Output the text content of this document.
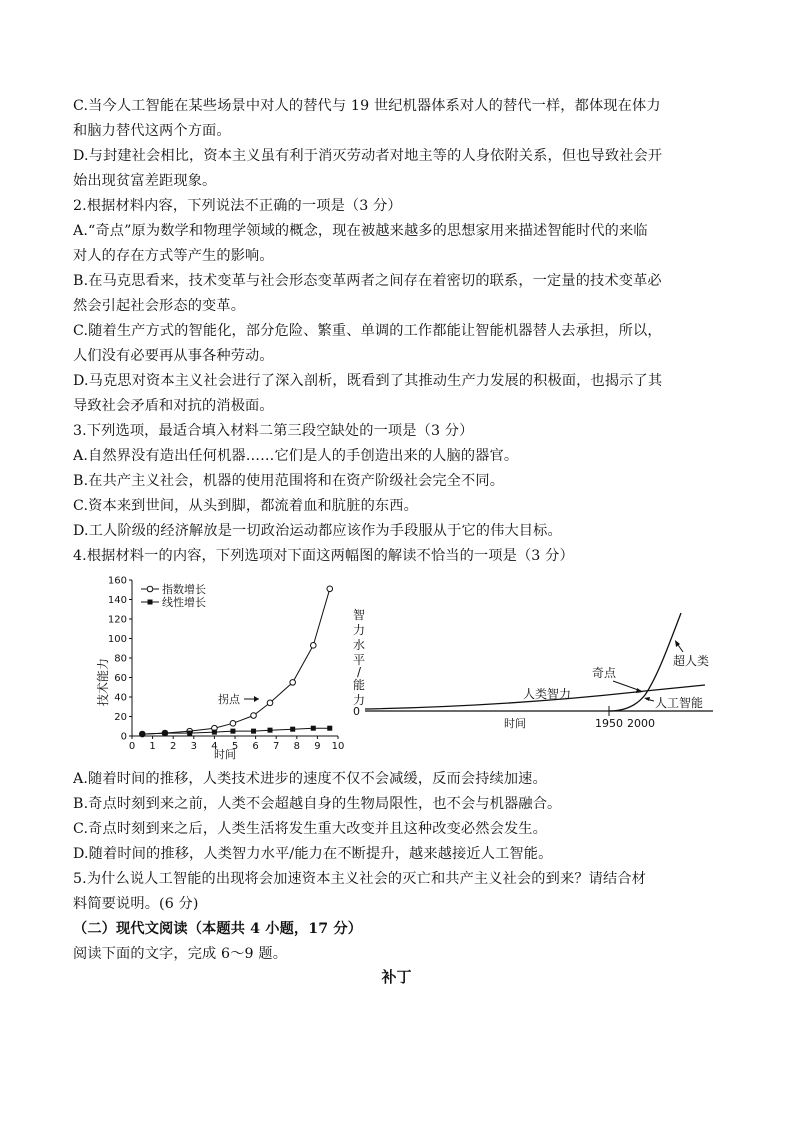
C.当今人工智能在某些场景中对人的替代与 19 世纪机器体系对人的替代一样，都体现在体力
和脑力替代这两个方面。
D.与封建社会相比，资本主义虽有利于消灭劳动者对地主等的人身依附关系，但也导致社会开
始出现贫富差距现象。
2.根据材料内容，下列说法不正确的一项是（3 分）
A.“奇点”原为数学和物理学领域的概念，现在被越来越多的思想家用来描述智能时代的来临
对人的存在方式等产生的影响。
B.在马克思看来，技术变革与社会形态变革两者之间存在着密切的联系，一定量的技术变革必
然会引起社会形态的变革。
C.随着生产方式的智能化，部分危险、繁重、单调的工作都能让智能机器替人去承担，所以，
人们没有必要再从事各种劳动。
D.马克思对资本主义社会进行了深入剖析，既看到了其推动生产力发展的积极面，也揭示了其
导致社会矛盾和对抗的消极面。
3.下列选项，最适合填入材料二第三段空缺处的一项是（3 分）
A.自然界没有造出任何机器……它们是人的手创造出来的人脑的器官。
B.在共产主义社会，机器的使用范围将和在资产阶级社会完全不同。
C.资本来到世间，从头到脚，都流着血和肮脏的东西。
D.工人阶级的经济解放是一切政治运动都应该作为手段服从于它的伟大目标。
4.根据材料一的内容，下列选项对下面这两幅图的解读不恰当的一项是（3 分）
0 1 2 3 4 5 6 7 8 9 10
0
20
40
60
80
100
120
140
160
技术能力
时间
指数增长
线性增长
拐点
智
力
水
平
/
能
力
0
时间	1950 2000
人类智力
奇点
超人类
人工智能
A.随着时间的推移，人类技术进步的速度不仅不会减缓，反而会持续加速。
B.奇点时刻到来之前，人类不会超越自身的生物局限性，也不会与机器融合。
C.奇点时刻到来之后，人类生活将发生重大改变并且这种改变必然会发生。
D.随着时间的推移，人类智力水平/能力在不断提升，越来越接近人工智能。
5.为什么说人工智能的出现将会加速资本主义社会的灭亡和共产主义社会的到来？请结合材
料简要说明。(6 分)
（二）现代文阅读（本题共 4 小题，17 分）
阅读下面的文字，完成 6～9 题。
补丁
